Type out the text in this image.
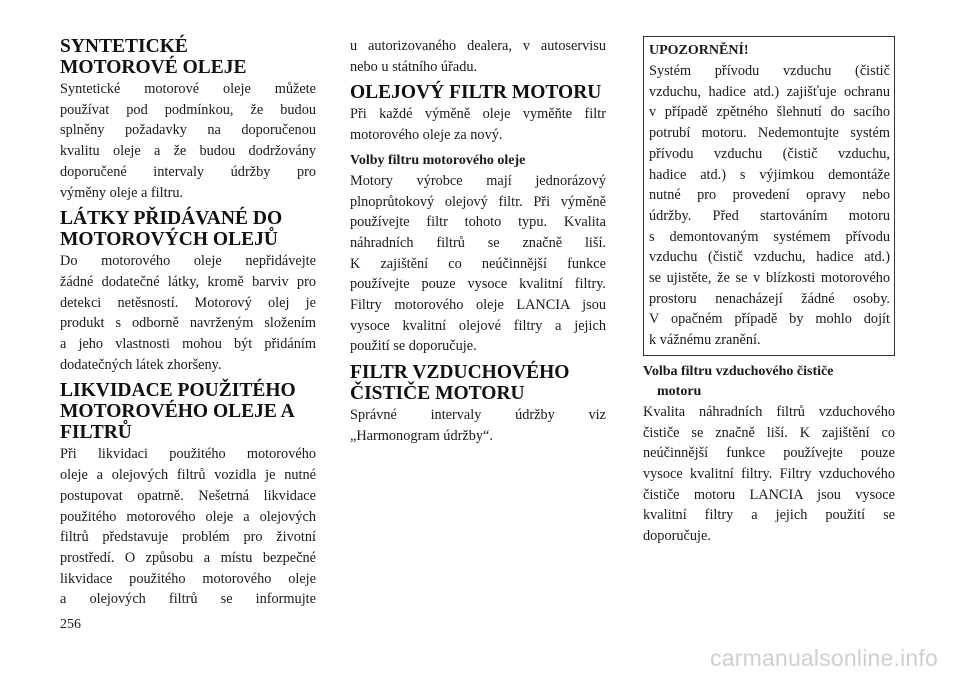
SYNTETICKÉ
MOTOROVÉ OLEJE
Syntetické motorové oleje můžete
používat pod podmínkou, že budou
splněny požadavky na doporučenou
kvalitu oleje a že budou dodržovány
doporučené intervaly údržby pro
výměny oleje a filtru.
LÁTKY PŘIDÁVANÉ DO
MOTOROVÝCH OLEJŮ
Do motorového oleje nepřidávejte
žádné dodatečné látky, kromě barviv pro
detekci netěsností. Motorový olej je
produkt s odborně navrženým složením
a jeho vlastnosti mohou být přidáním
dodatečných látek zhoršeny.
LIKVIDACE POUŽITÉHO
MOTOROVÉHO OLEJE A
FILTRŮ
Při likvidaci použitého motorového
oleje a olejových filtrů vozidla je nutné
postupovat opatrně. Nešetrná likvidace
použitého motorového oleje a olejových
filtrů představuje problém pro životní
prostředí. O způsobu a místu bezpečné
likvidace použitého motorového oleje
a olejových filtrů se informujte
u autorizovaného dealera, v autoservisu
nebo u státního úřadu.
OLEJOVÝ FILTR MOTORU
Při každé výměně oleje vyměňte filtr
motorového oleje za nový.
Volby filtru motorového oleje
Motory výrobce mají jednorázový
plnoprůtokový olejový filtr. Při výměně
používejte filtr tohoto typu. Kvalita
náhradních filtrů se značně liší.
K zajištění co neúčinnější funkce
používejte pouze vysoce kvalitní filtry.
Filtry motorového oleje LANCIA jsou
vysoce kvalitní olejové filtry a jejich
použití se doporučuje.
FILTR VZDUCHOVÉHO
ČISTIČE MOTORU
Správné intervaly údržby viz
„Harmonogram údržby“.
UPOZORNĚNÍ!
Systém přívodu vzduchu (čistič
vzduchu, hadice atd.) zajišťuje ochranu
v případě zpětného šlehnutí do sacího
potrubí motoru. Nedemontujte systém
přívodu vzduchu (čistič vzduchu,
hadice atd.) s výjimkou demontáže
nutné pro provedení opravy nebo
údržby. Před startováním motoru
s demontovaným systémem přívodu
vzduchu (čistič vzduchu, hadice atd.)
se ujistěte, že se v blízkosti motorového
prostoru nenacházejí žádné osoby.
V opačném případě by mohlo dojít
k vážnému zranění.
Volba filtru vzduchového čističe
motoru
Kvalita náhradních filtrů vzduchového
čističe se značně liší. K zajištění co
neúčinnější funkce používejte pouze
vysoce kvalitní filtry. Filtry vzduchového
čističe motoru LANCIA jsou vysoce
kvalitní filtry a jejich použití se
doporučuje.
256
carmanualsonline.info
